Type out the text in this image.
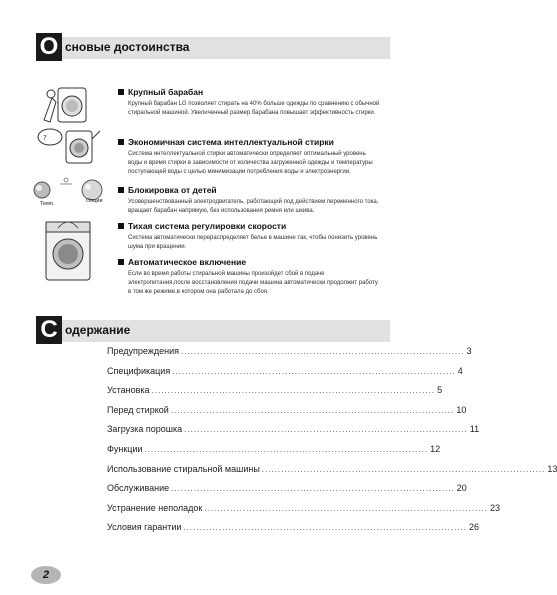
О сновые достоинства
?
Темп.	Опции
Крупный барабан
Крупный барабан LG позволяет стирать на 40% больше одежды по сравнению с обычной стиральной машиной. Увеличенный размер барабана повышает эффективность стирки.
Экономичная система интеллектуальной стирки
Система интеллектуальной стирки автоматически определяет оптимальный уровень воды и время стирки в зависимости от количества загруженной одежды и температуры поступающей воды с целью минимизации потребления воды и электроэнергии.
Блокировка от детей
Усовершенствованный электродвигатель, работающий под действием переменного тока, вращает барабан напрямую, без использования ремня или шкива.
Тихая система регулировки скорости
Система автоматически перераспределяет белье в машине так, чтобы понизить уровень шума при вращении.
Автоматическое включение
Если во время работы стиральной машины произойдет сбой в подаче электропитания,после восстановления подачи машина автоматически продолжит работу в том же режиме,в котором она работала до сбоя.
С одержание
Предупреждения ........................................................................................ 3
Спецификация ........................................................................................ 4
Установка ........................................................................................ 5
Перед стиркой ........................................................................................ 10
Загрузка порошка ........................................................................................ 11
Функции ........................................................................................ 12
Использование стиральной машины ........................................................................................ 13
Обслуживание ........................................................................................ 20
Устранение неполадок ........................................................................................ 23
Условия гарантии ........................................................................................ 26
2
